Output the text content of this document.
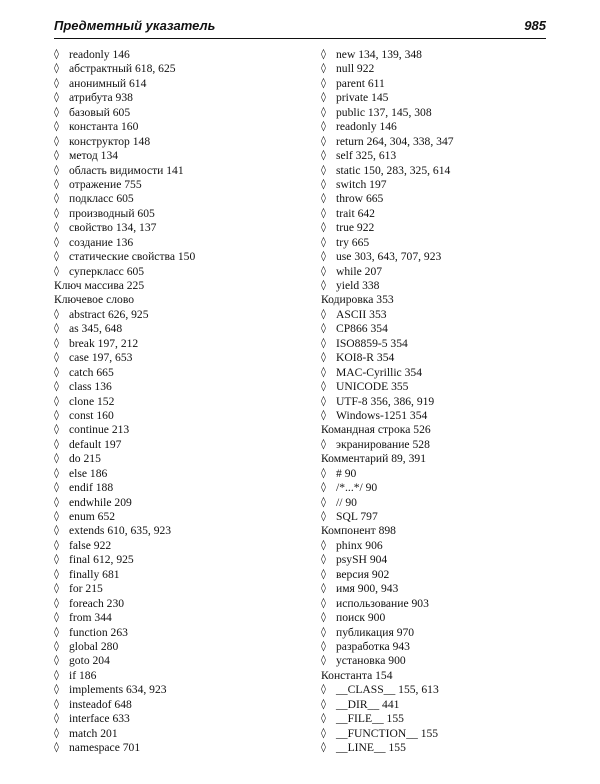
Предметный указатель	985
◊ readonly 146
◊ абстрактный 618, 625
◊ анонимный 614
◊ атрибута 938
◊ базовый 605
◊ константа 160
◊ конструктор 148
◊ метод 134
◊ область видимости 141
◊ отражение 755
◊ подкласс 605
◊ производный 605
◊ свойство 134, 137
◊ создание 136
◊ статические свойства 150
◊ суперкласс 605
Ключ массива 225
Ключевое слово
◊ abstract 626, 925
◊ as 345, 648
◊ break 197, 212
◊ case 197, 653
◊ catch 665
◊ class 136
◊ clone 152
◊ const 160
◊ continue 213
◊ default 197
◊ do 215
◊ else 186
◊ endif 188
◊ endwhile 209
◊ enum 652
◊ extends 610, 635, 923
◊ false 922
◊ final 612, 925
◊ finally 681
◊ for 215
◊ foreach 230
◊ from 344
◊ function 263
◊ global 280
◊ goto 204
◊ if 186
◊ implements 634, 923
◊ insteadof 648
◊ interface 633
◊ match 201
◊ namespace 701
◊ new 134, 139, 348
◊ null 922
◊ parent 611
◊ private 145
◊ public 137, 145, 308
◊ readonly 146
◊ return 264, 304, 338, 347
◊ self 325, 613
◊ static 150, 283, 325, 614
◊ switch 197
◊ throw 665
◊ trait 642
◊ true 922
◊ try 665
◊ use 303, 643, 707, 923
◊ while 207
◊ yield 338
Кодировка 353
◊ ASCII 353
◊ CP866 354
◊ ISO8859-5 354
◊ KOI8-R 354
◊ MAC-Cyrillic 354
◊ UNICODE 355
◊ UTF-8 356, 386, 919
◊ Windows-1251 354
Командная строка 526
◊ экранирование 528
Комментарий 89, 391
◊ # 90
◊ /*...*/ 90
◊ // 90
◊ SQL 797
Компонент 898
◊ phinx 906
◊ psySH 904
◊ версия 902
◊ имя 900, 943
◊ использование 903
◊ поиск 900
◊ публикация 970
◊ разработка 943
◊ установка 900
Константа 154
◊ __CLASS__ 155, 613
◊ __DIR__ 441
◊ __FILE__ 155
◊ __FUNCTION__ 155
◊ __LINE__ 155
